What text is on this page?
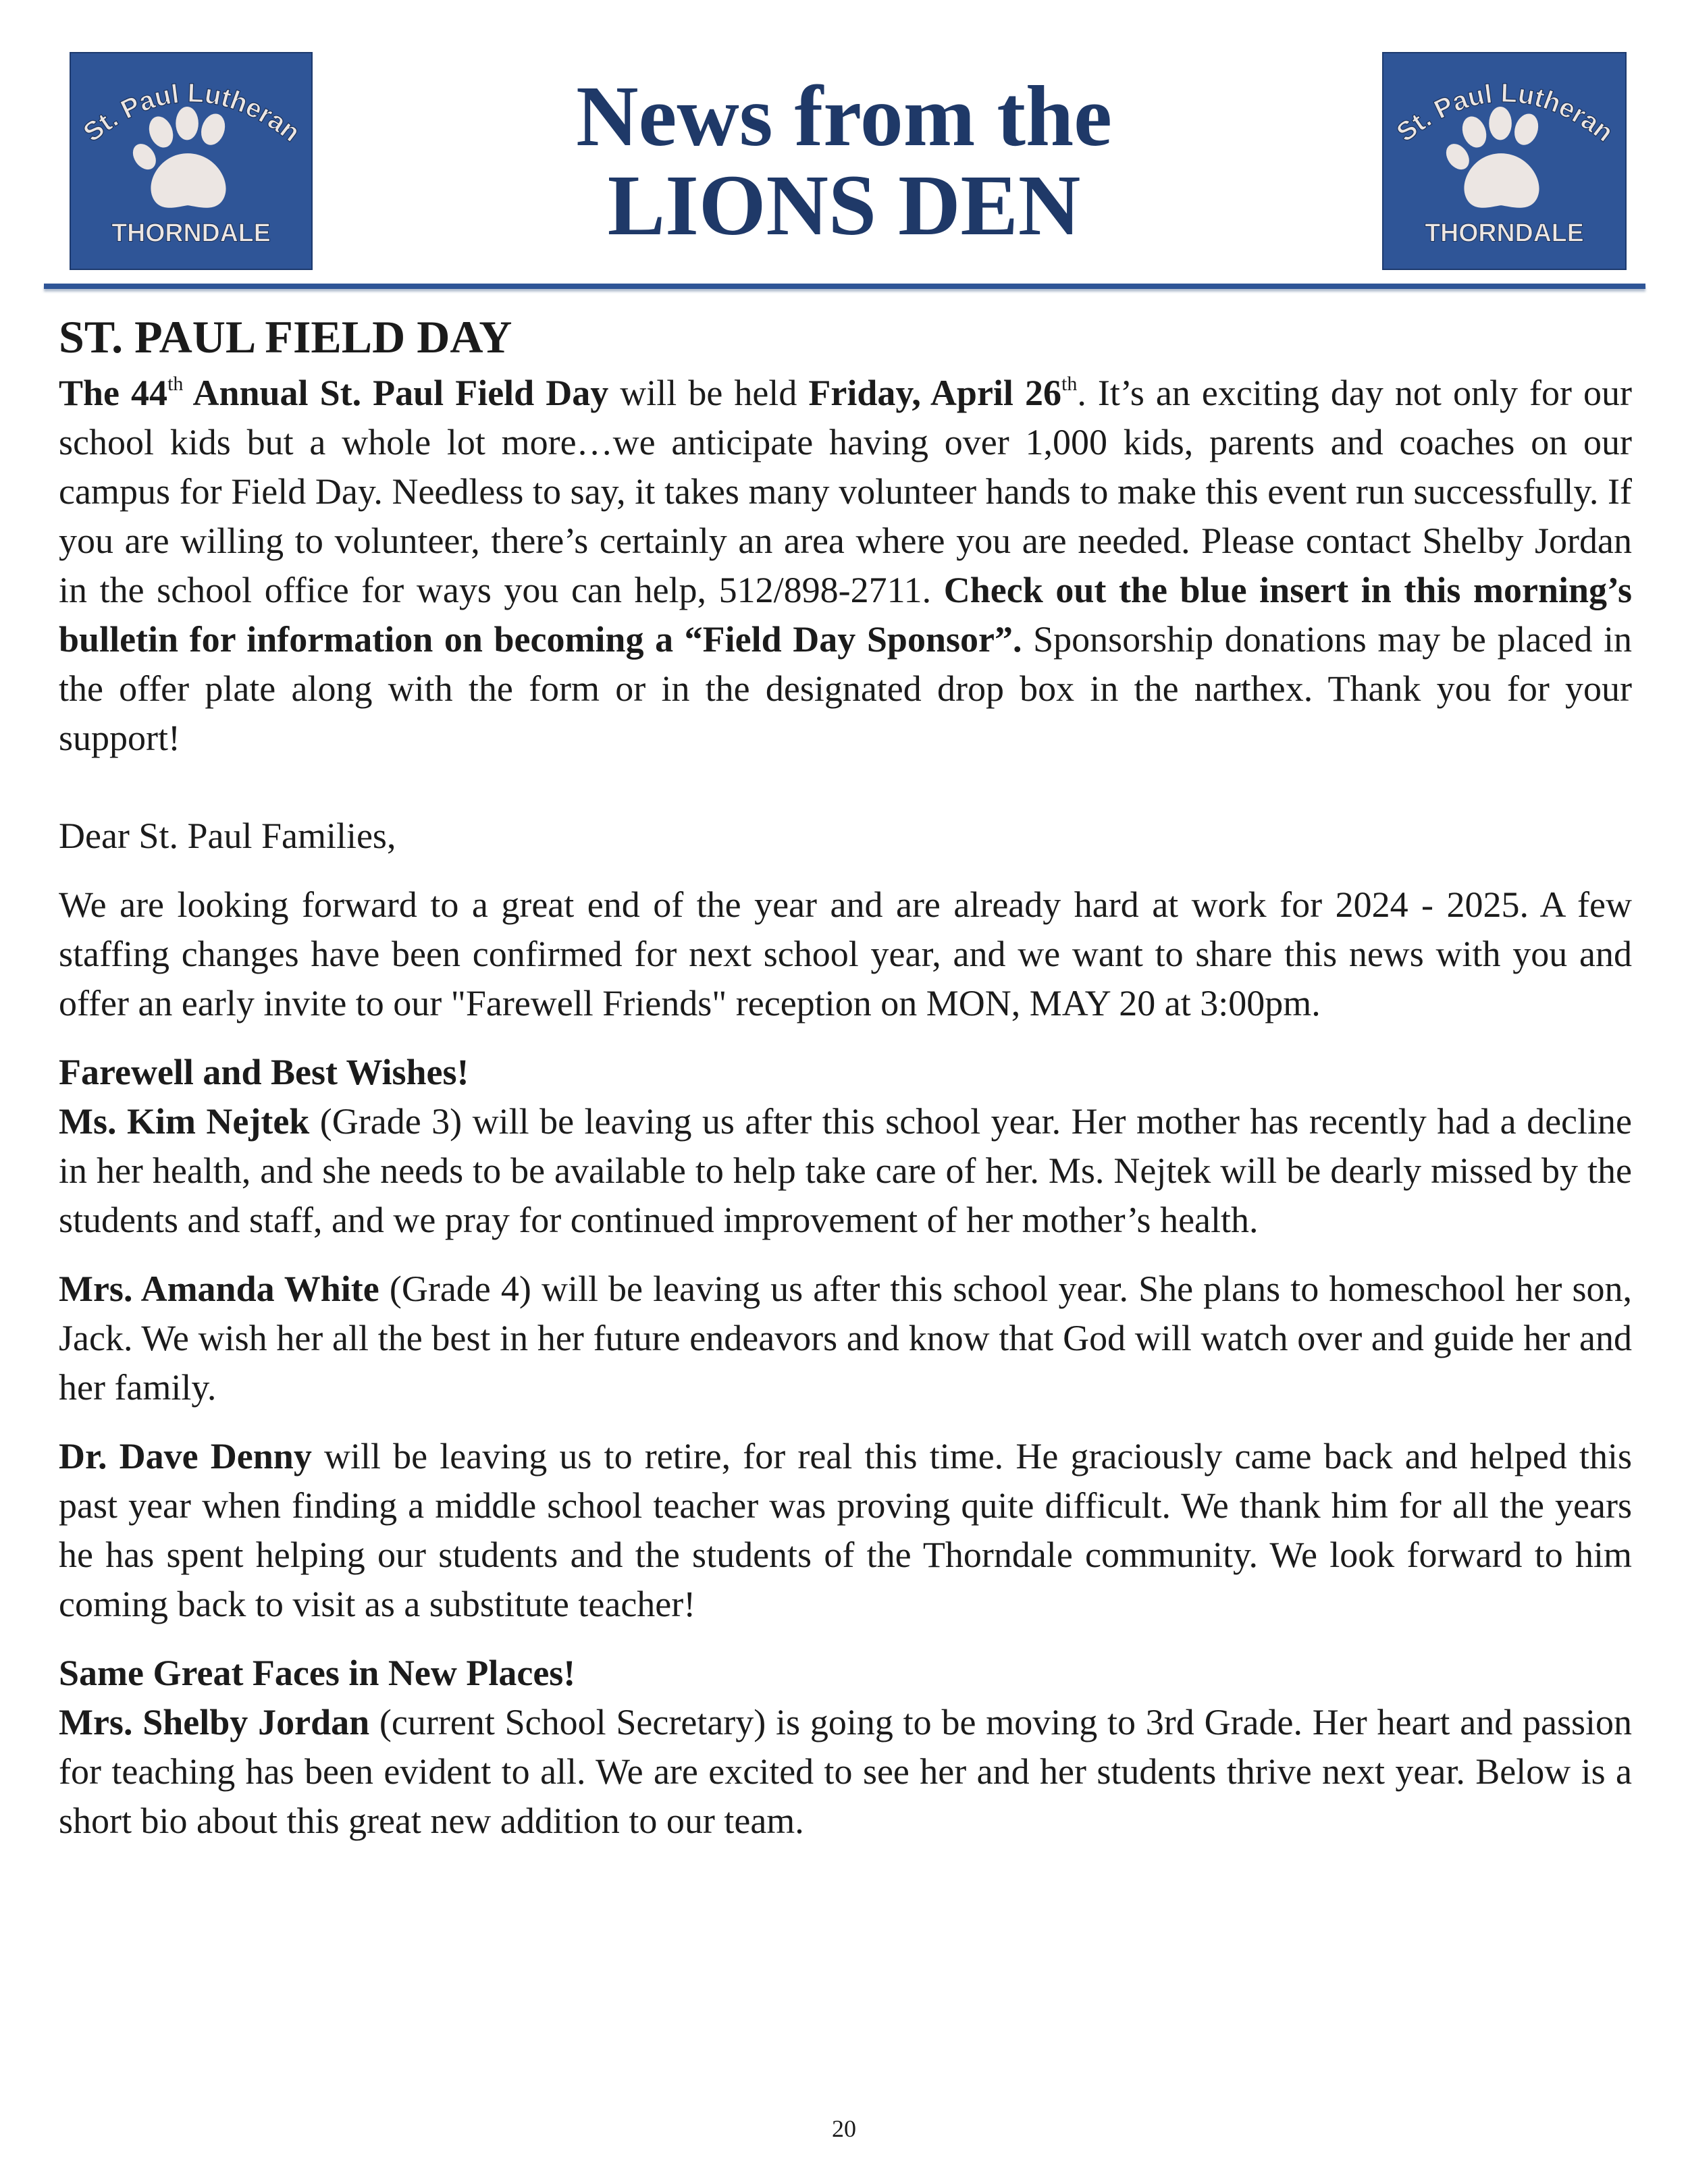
St. Paul Lutheran
THORNDALE
News from the
LIONS DEN
St. Paul Lutheran
THORNDALE
ST. PAUL FIELD DAY

The 44th Annual St. Paul Field Day will be held Friday, April 26th. It’s an exciting day not only for our school kids but a whole lot more…we anticipate having over 1,000 kids, parents and coaches on our campus for Field Day. Needless to say, it takes many volunteer hands to make this event run successfully. If you are willing to volunteer, there’s certainly an area where you are needed. Please contact Shelby Jordan in the school office for ways you can help, 512/898-2711. Check out the blue insert in this morning’s bulletin for information on becoming a “Field Day Sponsor”. Sponsorship donations may be placed in the offer plate along with the form or in the designated drop box in the narthex. Thank you for your support!

Dear St. Paul Families,

We are looking forward to a great end of the year and are already hard at work for 2024 - 2025. A few staffing changes have been confirmed for next school year, and we want to share this news with you and offer an early invite to our "Farewell Friends" reception on MON, MAY 20 at 3:00pm.

Farewell and Best Wishes!

Ms. Kim Nejtek (Grade 3) will be leaving us after this school year. Her mother has recently had a decline in her health, and she needs to be available to help take care of her. Ms. Nejtek will be dearly missed by the students and staff, and we pray for continued improvement of her mother’s health.

Mrs. Amanda White (Grade 4) will be leaving us after this school year. She plans to homeschool her son, Jack. We wish her all the best in her future endeavors and know that God will watch over and guide her and her family.

Dr. Dave Denny will be leaving us to retire, for real this time. He graciously came back and helped this past year when finding a middle school teacher was proving quite difficult. We thank him for all the years he has spent helping our students and the students of the Thorndale community. We look forward to him coming back to visit as a substitute teacher!

Same Great Faces in New Places!

Mrs. Shelby Jordan (current School Secretary) is going to be moving to 3rd Grade. Her heart and passion for teaching has been evident to all. We are excited to see her and her students thrive next year. Below is a short bio about this great new addition to our team.

20
